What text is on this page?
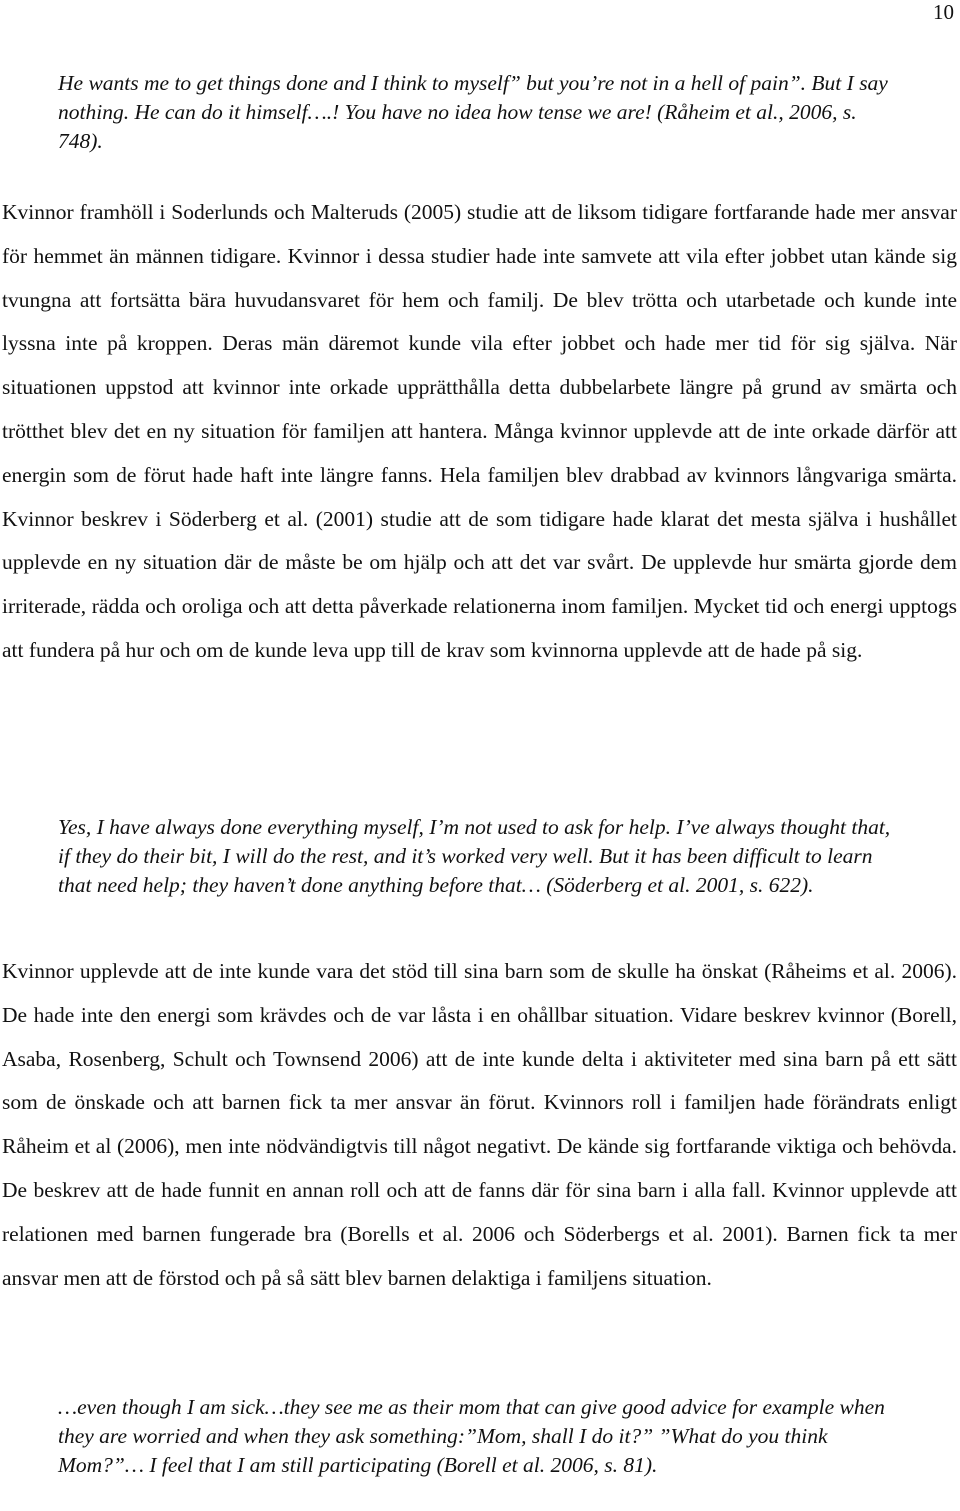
10

He wants me to get things done and I think to myself” but you’re not in a hell of pain”. But I say nothing. He can do it himself….! You have no idea how tense we are! (Råheim et al., 2006, s. 748).

Kvinnor framhöll i Soderlunds och Malteruds (2005) studie att de liksom tidigare fortfarande hade mer ansvar för hemmet än männen tidigare. Kvinnor i dessa studier hade inte samvete att vila efter jobbet utan kände sig tvungna att fortsätta bära huvudansvaret för hem och familj. De blev trötta och utarbetade och kunde inte lyssna inte på kroppen. Deras män däremot kunde vila efter jobbet och hade mer tid för sig själva. När situationen uppstod att kvinnor inte orkade upprätthålla detta dubbelarbete längre på grund av smärta och trötthet blev det en ny situation för familjen att hantera. Många kvinnor upplevde att de inte orkade därför att energin som de förut hade haft inte längre fanns. Hela familjen blev drabbad av kvinnors långvariga smärta. Kvinnor beskrev i Söderberg et al. (2001) studie att de som tidigare hade klarat det mesta själva i hushållet upplevde en ny situation där de måste be om hjälp och att det var svårt. De upplevde hur smärta gjorde dem irriterade, rädda och oroliga och att detta påverkade relationerna inom familjen. Mycket tid och energi upptogs att fundera på hur och om de kunde leva upp till de krav som kvinnorna upplevde att de hade på sig.

Yes, I have always done everything myself, I’m not used to ask for help. I’ve always thought that, if they do their bit, I will do the rest, and it’s worked very well. But it has been difficult to learn that need help; they haven’t done anything before that… (Söderberg et al. 2001, s. 622).

Kvinnor upplevde att de inte kunde vara det stöd till sina barn som de skulle ha önskat (Råheims et al. 2006). De hade inte den energi som krävdes och de var låsta i en ohållbar situation. Vidare beskrev kvinnor (Borell, Asaba, Rosenberg, Schult och Townsend 2006) att de inte kunde delta i aktiviteter med sina barn på ett sätt som de önskade och att barnen fick ta mer ansvar än förut. Kvinnors roll i familjen hade förändrats enligt Råheim et al (2006), men inte nödvändigtvis till något negativt. De kände sig fortfarande viktiga och behövda. De beskrev att de hade funnit en annan roll och att de fanns där för sina barn i alla fall. Kvinnor upplevde att relationen med barnen fungerade bra (Borells et al. 2006 och Söderbergs et al. 2001). Barnen fick ta mer ansvar men att de förstod och på så sätt blev barnen delaktiga i familjens situation.

…even though I am sick…they see me as their mom that can give good advice for example when they are worried and when they ask something:”Mom, shall I do it?” ”What do you think Mom?”… I feel that I am still participating (Borell et al. 2006, s. 81).
